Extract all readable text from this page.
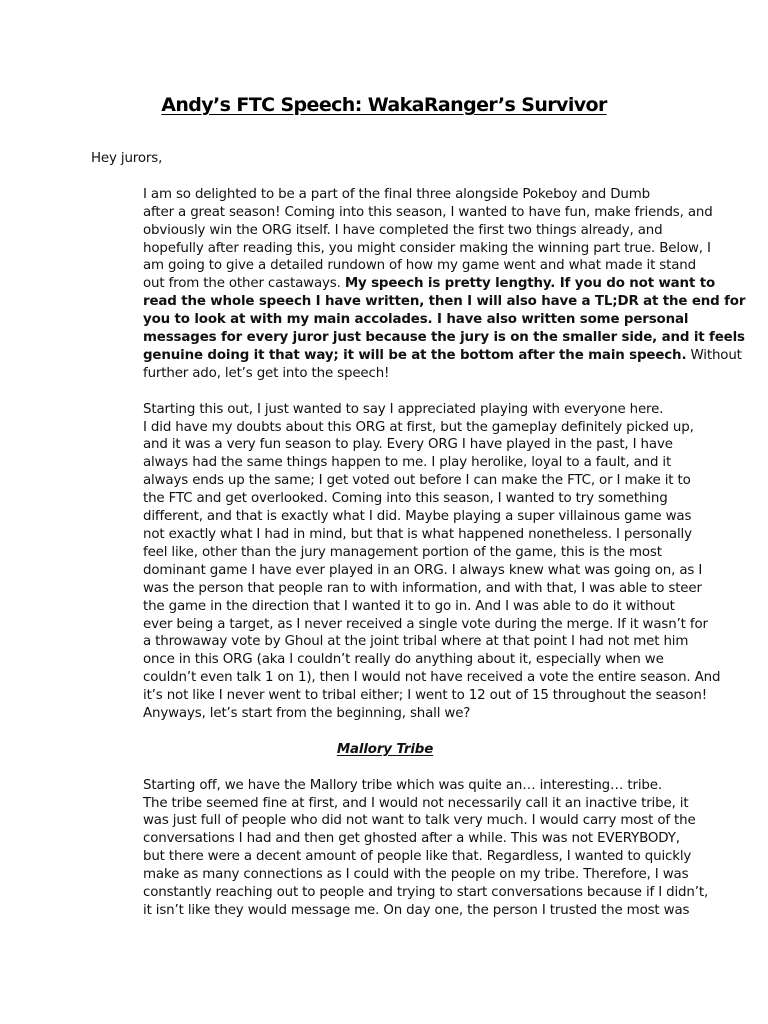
Andy’s FTC Speech: WakaRanger’s Survivor

Hey jurors,

I am so delighted to be a part of the final three alongside Pokeboy and Dumb
after a great season! Coming into this season, I wanted to have fun, make friends, and
obviously win the ORG itself. I have completed the first two things already, and
hopefully after reading this, you might consider making the winning part true. Below, I
am going to give a detailed rundown of how my game went and what made it stand
out from the other castaways. My speech is pretty lengthy. If you do not want to
read the whole speech I have written, then I will also have a TL;DR at the end for
you to look at with my main accolades. I have also written some personal
messages for every juror just because the jury is on the smaller side, and it feels
genuine doing it that way; it will be at the bottom after the main speech. Without
further ado, let’s get into the speech!

Starting this out, I just wanted to say I appreciated playing with everyone here.
I did have my doubts about this ORG at first, but the gameplay definitely picked up,
and it was a very fun season to play. Every ORG I have played in the past, I have
always had the same things happen to me. I play herolike, loyal to a fault, and it
always ends up the same; I get voted out before I can make the FTC, or I make it to
the FTC and get overlooked. Coming into this season, I wanted to try something
different, and that is exactly what I did. Maybe playing a super villainous game was
not exactly what I had in mind, but that is what happened nonetheless. I personally
feel like, other than the jury management portion of the game, this is the most
dominant game I have ever played in an ORG. I always knew what was going on, as I
was the person that people ran to with information, and with that, I was able to steer
the game in the direction that I wanted it to go in. And I was able to do it without
ever being a target, as I never received a single vote during the merge. If it wasn’t for
a throwaway vote by Ghoul at the joint tribal where at that point I had not met him
once in this ORG (aka I couldn’t really do anything about it, especially when we
couldn’t even talk 1 on 1), then I would not have received a vote the entire season. And
it’s not like I never went to tribal either; I went to 12 out of 15 throughout the season!
Anyways, let’s start from the beginning, shall we?

Mallory Tribe

Starting off, we have the Mallory tribe which was quite an… interesting… tribe.
The tribe seemed fine at first, and I would not necessarily call it an inactive tribe, it
was just full of people who did not want to talk very much. I would carry most of the
conversations I had and then get ghosted after a while. This was not EVERYBODY,
but there were a decent amount of people like that. Regardless, I wanted to quickly
make as many connections as I could with the people on my tribe. Therefore, I was
constantly reaching out to people and trying to start conversations because if I didn’t,
it isn’t like they would message me. On day one, the person I trusted the most was
